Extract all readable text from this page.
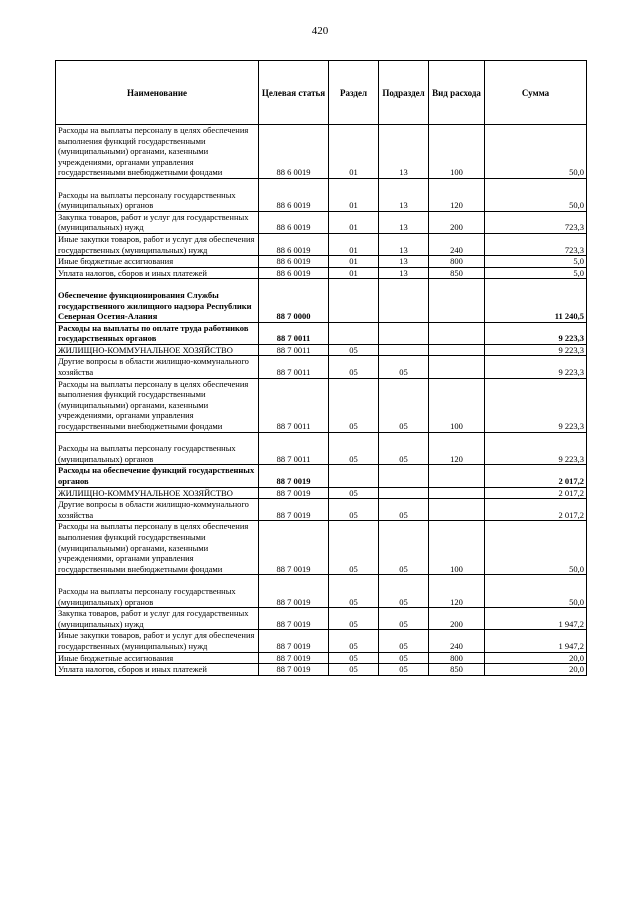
420
Наименование	Целевая статья	Раздел	Подраздел	Вид расхода	Сумма
Расходы на выплаты персоналу в целях обеспечения выполнения функций государственными (муниципальными) органами, казенными учреждениями, органами управления государственными внебюджетными фондами	88 6 0019	01	13	100	50,0

Расходы на выплаты персоналу государственных (муниципальных) органов	88 6 0019	01	13	120	50,0
Закупка товаров, работ и услуг для государственных (муниципальных) нужд	88 6 0019	01	13	200	723,3
Иные закупки товаров, работ и услуг для обеспечения государственных (муниципальных) нужд	88 6 0019	01	13	240	723,3
Иные бюджетные ассигнования	88 6 0019	01	13	800	5,0
Уплата налогов, сборов и иных платежей	88 6 0019	01	13	850	5,0

Обеспечение функционирования Службы государственного жилищного надзора Республики Северная Осетия-Алания	88 7 0000				11 240,5
Расходы на выплаты по оплате труда работников государственных органов	88 7 0011				9 223,3
ЖИЛИЩНО-КОММУНАЛЬНОЕ ХОЗЯЙСТВО	88 7 0011	05			9 223,3
Другие вопросы в области жилищно-коммунального хозяйства	88 7 0011	05	05		9 223,3
Расходы на выплаты персоналу в целях обеспечения выполнения функций государственными (муниципальными) органами, казенными учреждениями, органами управления государственными внебюджетными фондами	88 7 0011	05	05	100	9 223,3

Расходы на выплаты персоналу государственных (муниципальных) органов	88 7 0011	05	05	120	9 223,3
Расходы на обеспечение функций государственных органов	88 7 0019				2 017,2
ЖИЛИЩНО-КОММУНАЛЬНОЕ ХОЗЯЙСТВО	88 7 0019	05			2 017,2
Другие вопросы в области жилищно-коммунального хозяйства	88 7 0019	05	05		2 017,2
Расходы на выплаты персоналу в целях обеспечения выполнения функций государственными (муниципальными) органами, казенными учреждениями, органами управления государственными внебюджетными фондами	88 7 0019	05	05	100	50,0

Расходы на выплаты персоналу государственных (муниципальных) органов	88 7 0019	05	05	120	50,0
Закупка товаров, работ и услуг для государственных (муниципальных) нужд	88 7 0019	05	05	200	1 947,2
Иные закупки товаров, работ и услуг для обеспечения государственных (муниципальных) нужд	88 7 0019	05	05	240	1 947,2
Иные бюджетные ассигнования	88 7 0019	05	05	800	20,0
Уплата налогов, сборов и иных платежей	88 7 0019	05	05	850	20,0
